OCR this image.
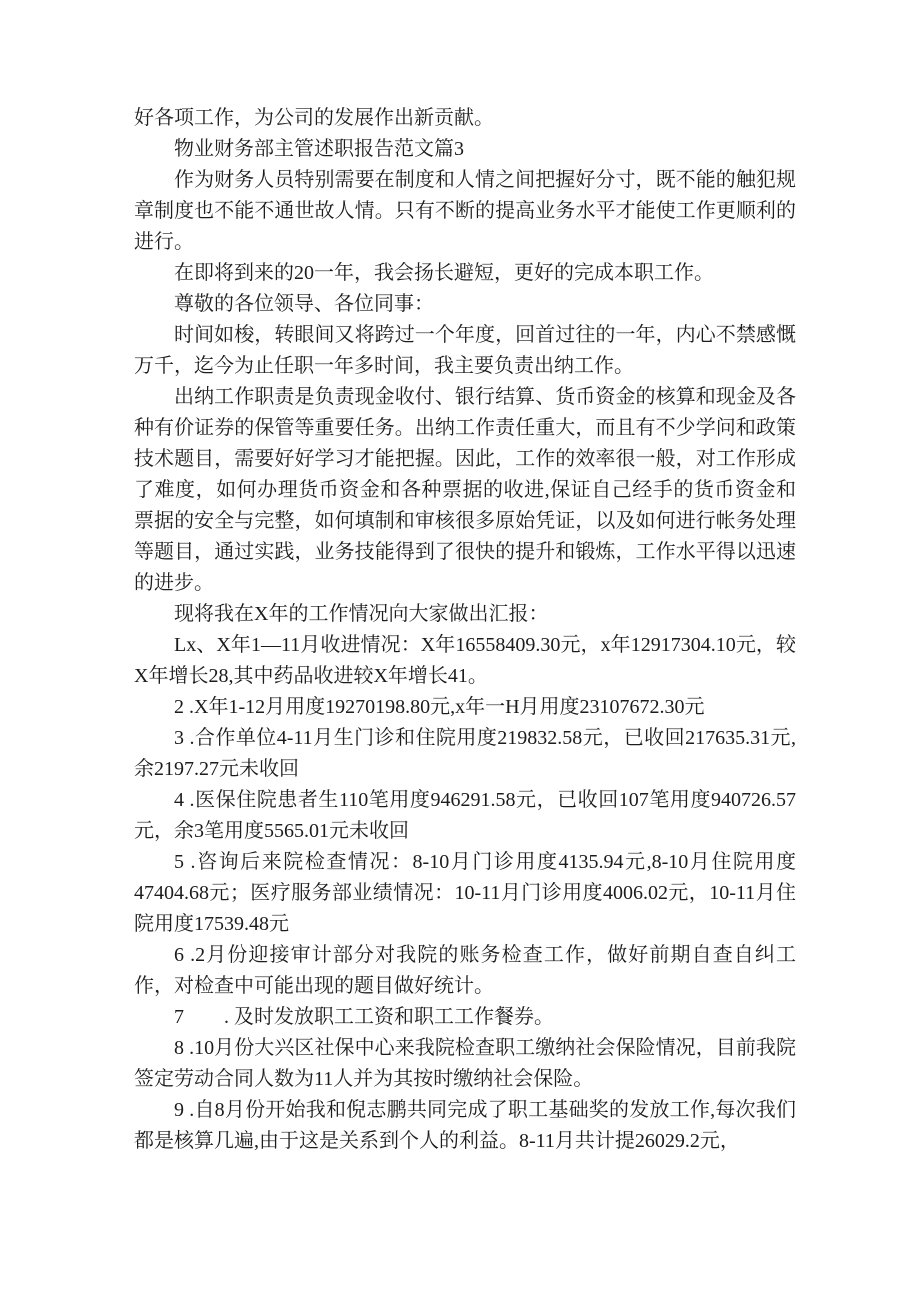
好各项工作，为公司的发展作出新贡献。

物业财务部主管述职报告范文篇3

作为财务人员特别需要在制度和人情之间把握好分寸，既不能的触犯规章制度也不能不通世故人情。只有不断的提高业务水平才能使工作更顺利的进行。

在即将到来的20一年，我会扬长避短，更好的完成本职工作。

尊敬的各位领导、各位同事：

时间如梭，转眼间又将跨过一个年度，回首过往的一年，内心不禁感慨万千，迄今为止任职一年多时间，我主要负责出纳工作。

出纳工作职责是负责现金收付、银行结算、货币资金的核算和现金及各种有价证券的保管等重要任务。出纳工作责任重大，而且有不少学问和政策技术题目，需要好好学习才能把握。因此，工作的效率很一般，对工作形成了难度，如何办理货币资金和各种票据的收进,保证自己经手的货币资金和票据的安全与完整，如何填制和审核很多原始凭证，以及如何进行帐务处理等题目，通过实践，业务技能得到了很快的提升和锻炼，工作水平得以迅速的进步。

现将我在X年的工作情况向大家做出汇报：

Lx、X年1—11月收进情况：X年16558409.30元，x年12917304.10元，较X年增长28,其中药品收进较X年增长41。

2 .X年1-12月用度19270198.80元,x年一H月用度23107672.30元

3 .合作单位4-11月生门诊和住院用度219832.58元，已收回217635.31元,余2197.27元未收回

4 .医保住院患者生110笔用度946291.58元，已收回107笔用度940726.57元，余3笔用度5565.01元未收回

5 .咨询后来院检查情况：8-10月门诊用度4135.94元,8-10月住院用度47404.68元；医疗服务部业绩情况：10-11月门诊用度4006.02元，10-11月住院用度17539.48元

6 .2月份迎接审计部分对我院的账务检查工作，做好前期自查自纠工作，对检查中可能出现的题目做好统计。

7　　. 及时发放职工工资和职工工作餐券。

8 .10月份大兴区社保中心来我院检查职工缴纳社会保险情况，目前我院签定劳动合同人数为11人并为其按时缴纳社会保险。

9 .自8月份开始我和倪志鹏共同完成了职工基础奖的发放工作,每次我们都是核算几遍,由于这是关系到个人的利益。8-11月共计提26029.2元，
